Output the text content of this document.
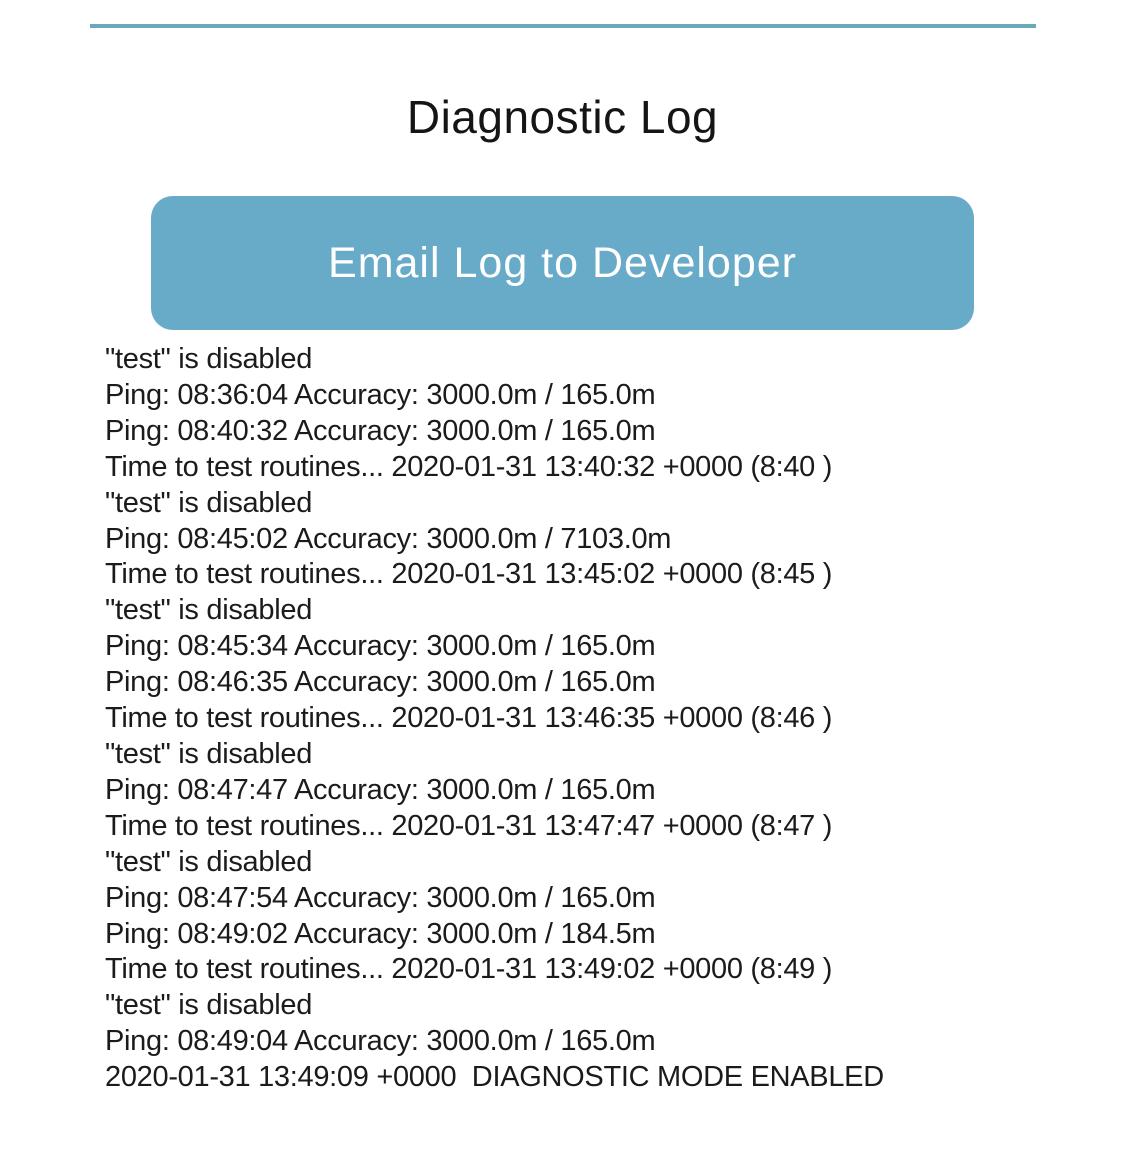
Diagnostic Log
Email Log to Developer
"test" is disabled
Ping: 08:36:04 Accuracy: 3000.0m / 165.0m
Ping: 08:40:32 Accuracy: 3000.0m / 165.0m
Time to test routines... 2020-01-31 13:40:32 +0000 (8:40 )
"test" is disabled
Ping: 08:45:02 Accuracy: 3000.0m / 7103.0m
Time to test routines... 2020-01-31 13:45:02 +0000 (8:45 )
"test" is disabled
Ping: 08:45:34 Accuracy: 3000.0m / 165.0m
Ping: 08:46:35 Accuracy: 3000.0m / 165.0m
Time to test routines... 2020-01-31 13:46:35 +0000 (8:46 )
"test" is disabled
Ping: 08:47:47 Accuracy: 3000.0m / 165.0m
Time to test routines... 2020-01-31 13:47:47 +0000 (8:47 )
"test" is disabled
Ping: 08:47:54 Accuracy: 3000.0m / 165.0m
Ping: 08:49:02 Accuracy: 3000.0m / 184.5m
Time to test routines... 2020-01-31 13:49:02 +0000 (8:49 )
"test" is disabled
Ping: 08:49:04 Accuracy: 3000.0m / 165.0m
2020-01-31 13:49:09 +0000  DIAGNOSTIC MODE ENABLED
